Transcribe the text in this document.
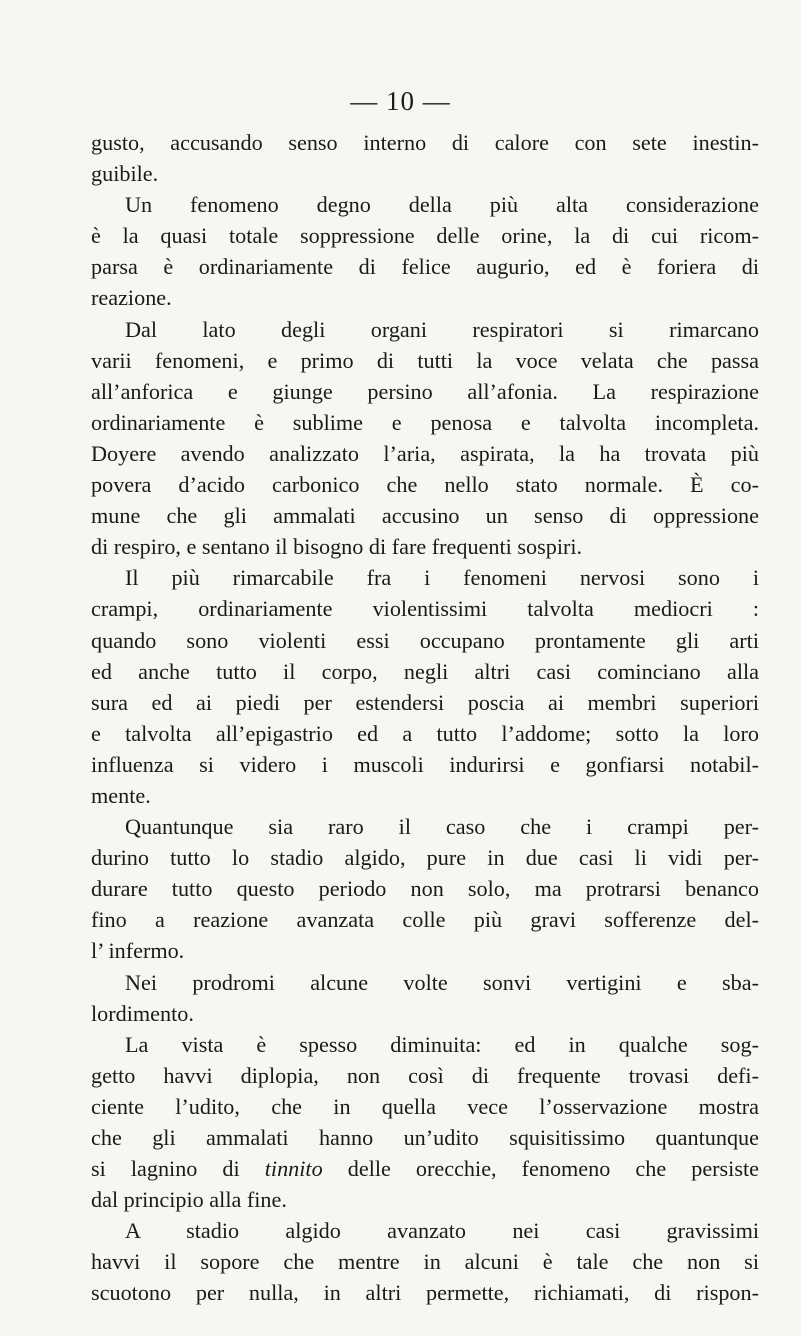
— 10 —
gusto, accusando senso interno di calore con sete inestin-
guibile.
Un fenomeno degno della più alta considerazione
è la quasi totale soppressione delle orine, la di cui ricom-
parsa è ordinariamente di felice augurio, ed è foriera di
reazione.
Dal lato degli organi respiratori si rimarcano
varii fenomeni, e primo di tutti la voce velata che passa
all’anforica e giunge persino all’afonia. La respirazione
ordinariamente è sublime e penosa e talvolta incompleta.
Doyere avendo analizzato l’aria, aspirata, la ha trovata più
povera d’acido carbonico che nello stato normale. È co-
mune che gli ammalati accusino un senso di oppressione
di respiro, e sentano il bisogno di fare frequenti sospiri.
Il più rimarcabile fra i fenomeni nervosi sono i
crampi, ordinariamente violentissimi talvolta mediocri :
quando sono violenti essi occupano prontamente gli arti
ed anche tutto il corpo, negli altri casi cominciano alla
sura ed ai piedi per estendersi poscia ai membri superiori
e talvolta all’epigastrio ed a tutto l’addome; sotto la loro
influenza si videro i muscoli indurirsi e gonfiarsi notabil-
mente.
Quantunque sia raro il caso che i crampi per-
durino tutto lo stadio algido, pure in due casi li vidi per-
durare tutto questo periodo non solo, ma protrarsi benanco
fino a reazione avanzata colle più gravi sofferenze del-
l’ infermo.
Nei prodromi alcune volte sonvi vertigini e sba-
lordimento.
La vista è spesso diminuita: ed in qualche sog-
getto havvi diplopia, non così di frequente trovasi defi-
ciente l’udito, che in quella vece l’osservazione mostra
che gli ammalati hanno un’udito squisitissimo quantunque
si lagnino di tinnito delle orecchie, fenomeno che persiste
dal principio alla fine.
A stadio algido avanzato nei casi gravissimi
havvi il sopore che mentre in alcuni è tale che non si
scuotono per nulla, in altri permette, richiamati, di rispon-
